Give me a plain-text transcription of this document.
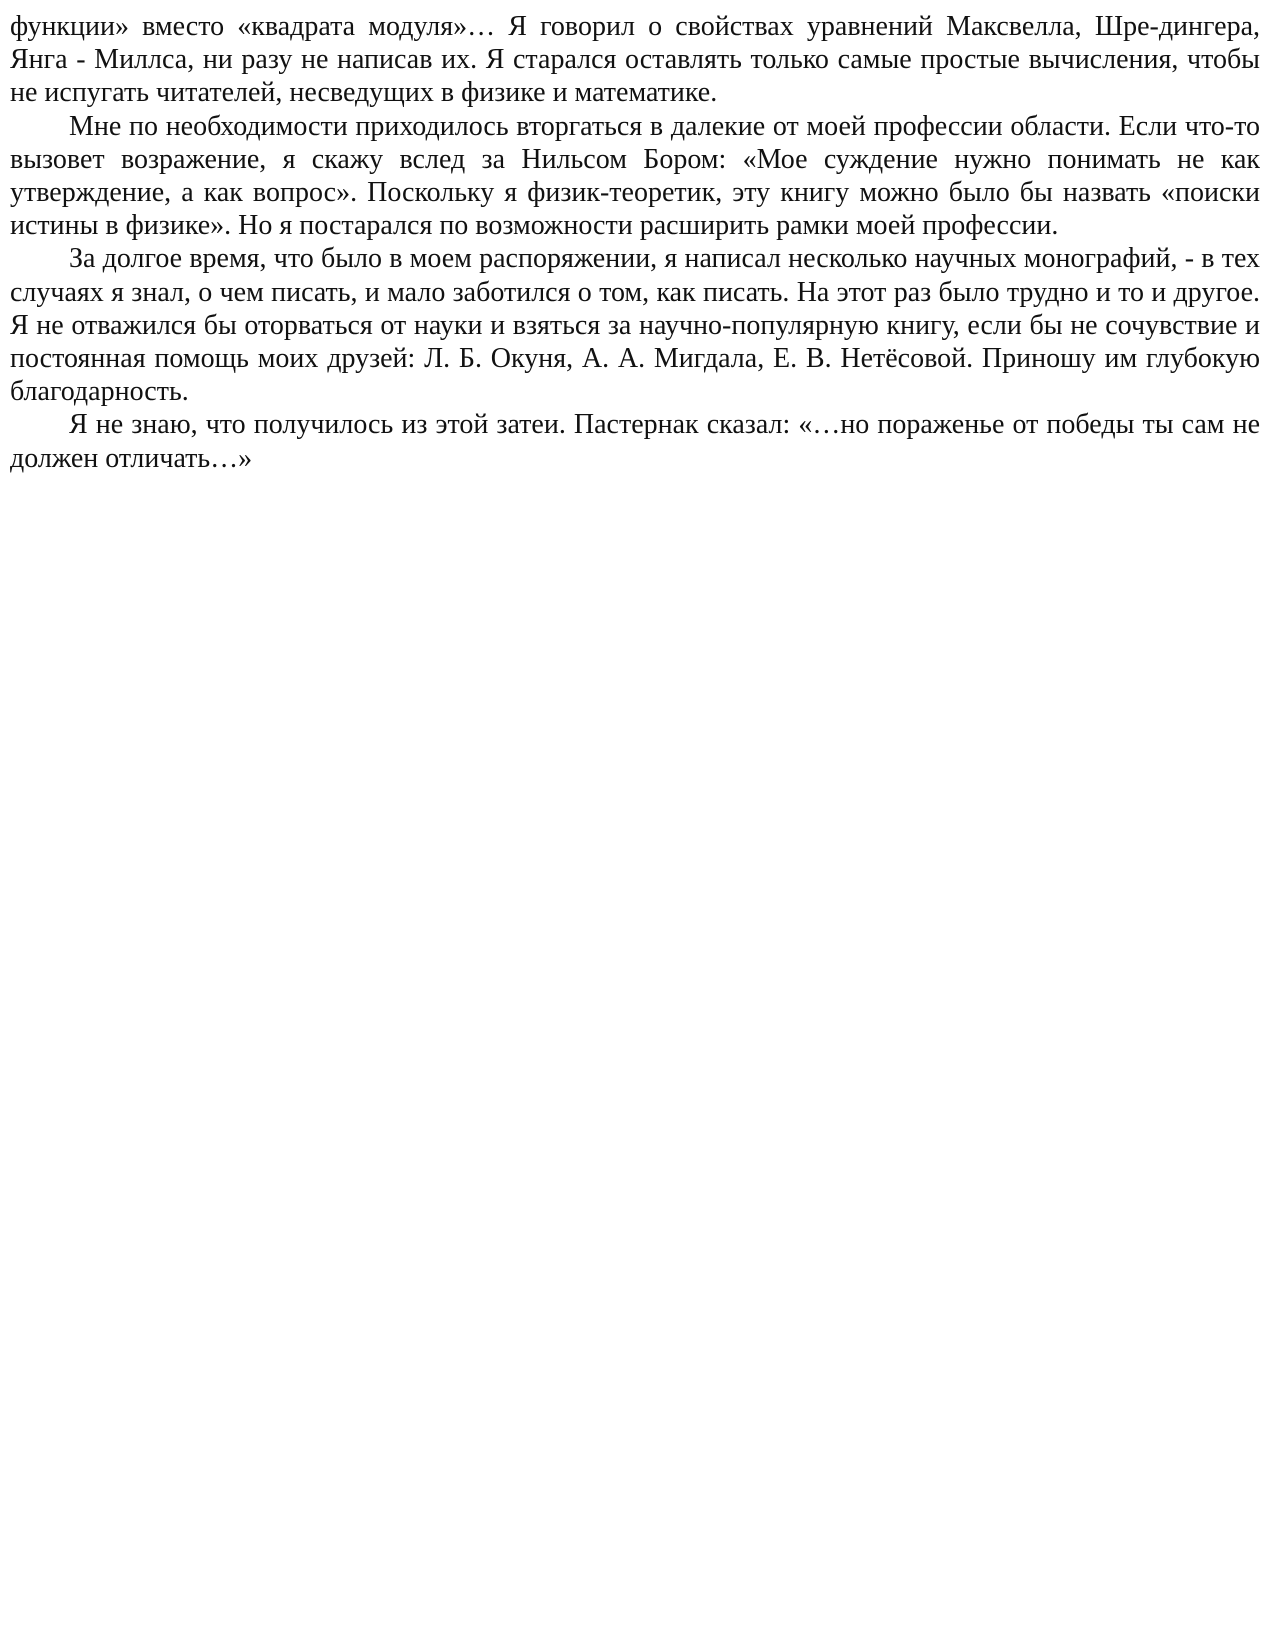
функции» вместо «квадрата модуля»… Я говорил о свойствах уравнений Максвелла, Шре-дингера, Янга - Миллса, ни разу не написав их. Я старался оставлять только самые простые вычисления, чтобы не испугать читателей, несведущих в физике и математике.

Мне по необходимости приходилось вторгаться в далекие от моей профессии области. Если что-то вызовет возражение, я скажу вслед за Нильсом Бором: «Мое суждение нужно понимать не как утверждение, а как вопрос». Поскольку я физик-теоретик, эту книгу можно было бы назвать «поиски истины в физике». Но я постарался по возможности расширить рамки моей профессии.

За долгое время, что было в моем распоряжении, я написал несколько научных монографий, - в тех случаях я знал, о чем писать, и мало заботился о том, как писать. На этот раз было трудно и то и другое. Я не отважился бы оторваться от науки и взяться за научно-популярную книгу, если бы не сочувствие и постоянная помощь моих друзей: Л. Б. Окуня, А. А. Мигдала, Е. В. Нетёсовой. Приношу им глубокую благодарность.

Я не знаю, что получилось из этой затеи. Пастернак сказал: «…но пораженье от победы ты сам не должен отличать…»
